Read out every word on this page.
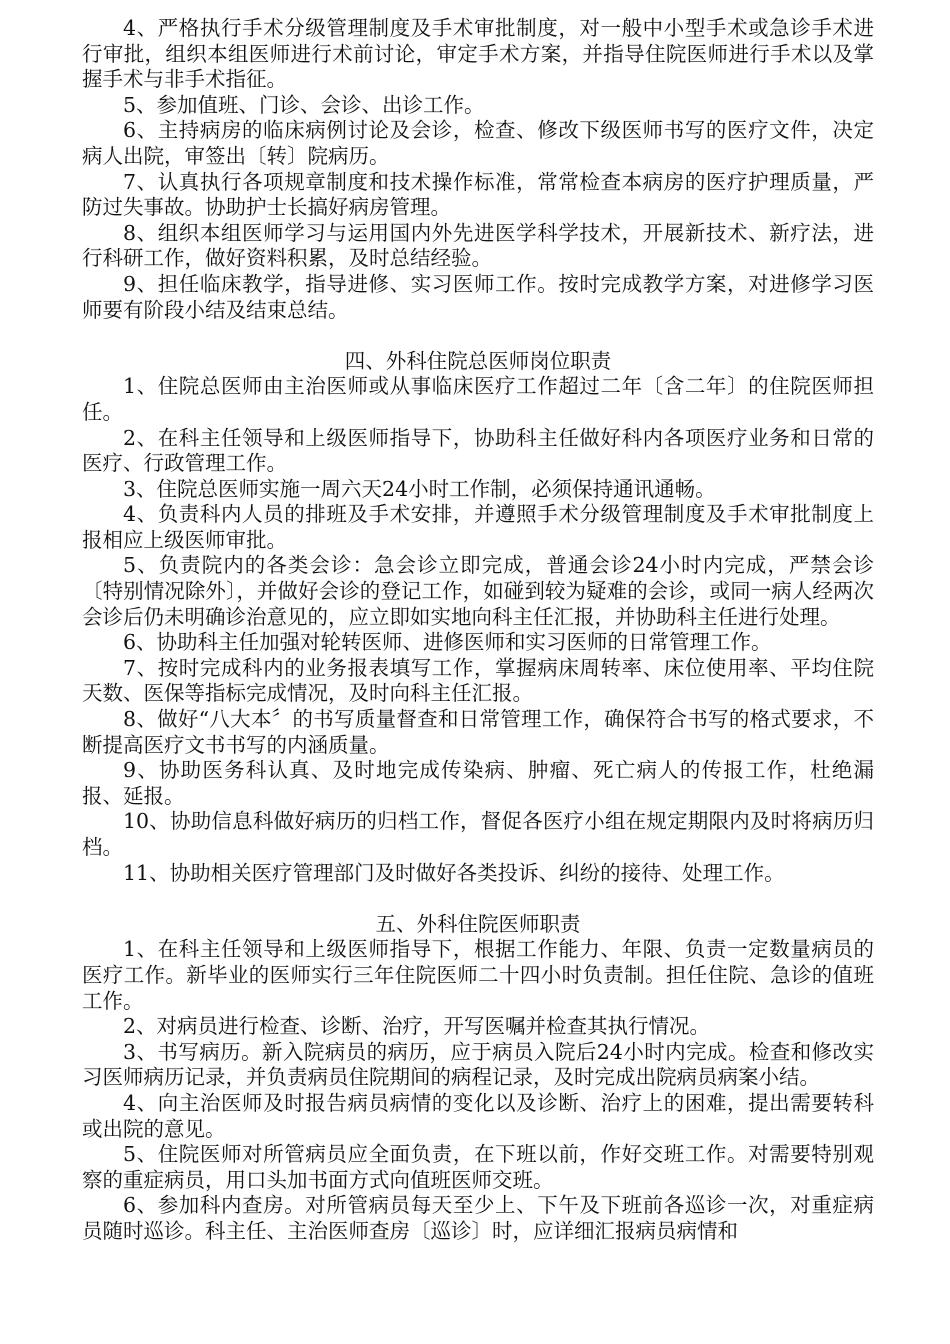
4、严格执行手术分级管理制度及手术审批制度，对一般中小型手术或急诊手术进行审批，组织本组医师进行术前讨论，审定手术方案，并指导住院医师进行手术以及掌握手术与非手术指征。

5、参加值班、门诊、会诊、出诊工作。

6、主持病房的临床病例讨论及会诊，检查、修改下级医师书写的医疗文件，决定病人出院，审签出〔转〕院病历。

7、认真执行各项规章制度和技术操作标准，常常检查本病房的医疗护理质量，严防过失事故。协助护士长搞好病房管理。

8、组织本组医师学习与运用国内外先进医学科学技术，开展新技术、新疗法，进行科研工作，做好资料积累，及时总结经验。

9、担任临床教学，指导进修、实习医师工作。按时完成教学方案，对进修学习医师要有阶段小结及结束总结。

四、外科住院总医师岗位职责

1、住院总医师由主治医师或从事临床医疗工作超过二年〔含二年〕的住院医师担任。

2、在科主任领导和上级医师指导下，协助科主任做好科内各项医疗业务和日常的医疗、行政管理工作。

3、住院总医师实施一周六天24小时工作制，必须保持通讯通畅。

4、负责科内人员的排班及手术安排，并遵照手术分级管理制度及手术审批制度上报相应上级医师审批。

5、负责院内的各类会诊：急会诊立即完成，普通会诊24小时内完成，严禁会诊〔特别情况除外〕，并做好会诊的登记工作，如碰到较为疑难的会诊，或同一病人经两次会诊后仍未明确诊治意见的，应立即如实地向科主任汇报，并协助科主任进行处理。

6、协助科主任加强对轮转医师、进修医师和实习医师的日常管理工作。

7、按时完成科内的业务报表填写工作，掌握病床周转率、床位使用率、平均住院天数、医保等指标完成情况，及时向科主任汇报。

8、做好“八大本〞的书写质量督查和日常管理工作，确保符合书写的格式要求，不断提高医疗文书书写的内涵质量。

9、协助医务科认真、及时地完成传染病、肿瘤、死亡病人的传报工作，杜绝漏报、延报。

10、协助信息科做好病历的归档工作，督促各医疗小组在规定期限内及时将病历归档。

11、协助相关医疗管理部门及时做好各类投诉、纠纷的接待、处理工作。

五、外科住院医师职责

1、在科主任领导和上级医师指导下，根据工作能力、年限、负责一定数量病员的医疗工作。新毕业的医师实行三年住院医师二十四小时负责制。担任住院、急诊的值班工作。

2、对病员进行检查、诊断、治疗，开写医嘱并检查其执行情况。

3、书写病历。新入院病员的病历，应于病员入院后24小时内完成。检查和修改实习医师病历记录，并负责病员住院期间的病程记录，及时完成出院病员病案小结。

4、向主治医师及时报告病员病情的变化以及诊断、治疗上的困难，提出需要转科或出院的意见。

5、住院医师对所管病员应全面负责，在下班以前，作好交班工作。对需要特别观察的重症病员，用口头加书面方式向值班医师交班。

6、参加科内查房。对所管病员每天至少上、下午及下班前各巡诊一次，对重症病员随时巡诊。科主任、主治医师查房〔巡诊〕时，应详细汇报病员病情和
